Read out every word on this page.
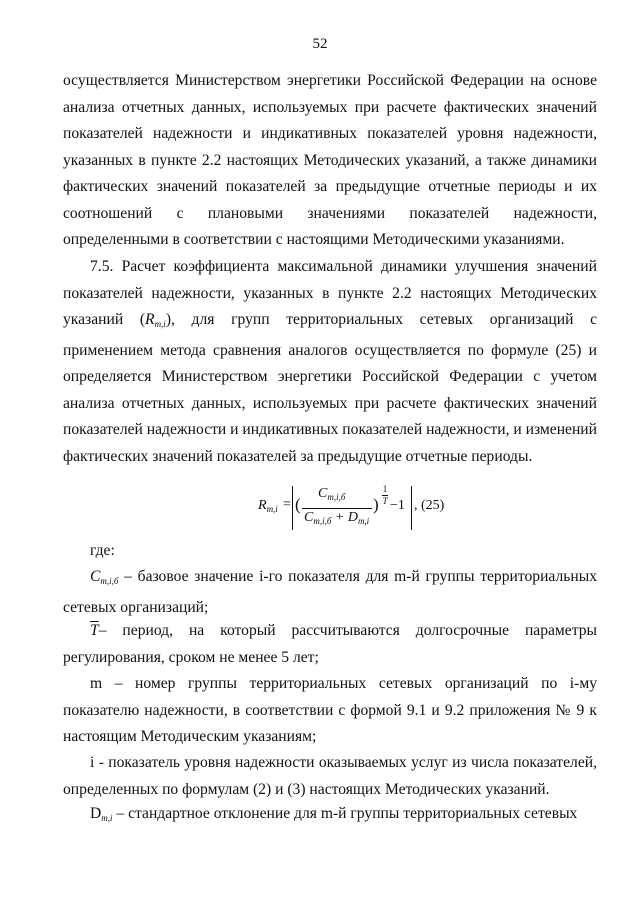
52

осуществляется Министерством энергетики Российской Федерации на основе анализа отчетных данных, используемых при расчете фактических значений показателей надежности и индикативных показателей уровня надежности, указанных в пункте 2.2 настоящих Методических указаний, а также динамики фактических значений показателей за предыдущие отчетные периоды и их соотношений с плановыми значениями показателей надежности, определенными в соответствии с настоящими Методическими указаниями.

7.5. Расчет коэффициента максимальной динамики улучшения значений показателей надежности, указанных в пункте 2.2 настоящих Методических указаний $(R_{m,i})$, для групп территориальных сетевых организаций с применением метода сравнения аналогов осуществляется по формуле (25) и определяется Министерством энергетики Российской Федерации с учетом анализа отчетных данных, используемых при расчете фактических значений показателей надежности и индикативных показателей надежности, и изменений фактических значений показателей за предыдущие отчетные периоды.

$R_{m,i}$ = (
$C_{m,i,б}$
$C_{m,i,б} + D_{m,i}$
)
1
T −1 , (25)

где:

$C_{m,i,б}$ – базовое значение i-го показателя для m-й группы территориальных сетевых организаций;

$\overline{T}-$ период, на который рассчитываются долгосрочные параметры регулирования, сроком не менее 5 лет;

m – номер группы территориальных сетевых организаций по i-му показателю надежности, в соответствии с формой 9.1 и 9.2 приложения № 9 к настоящим Методическим указаниям;

i - показатель уровня надежности оказываемых услуг из числа показателей, определенных по формулам (2) и (3) настоящих Методических указаний.

$D_{m,i}$ – стандартное отклонение для m-й группы территориальных сетевых
